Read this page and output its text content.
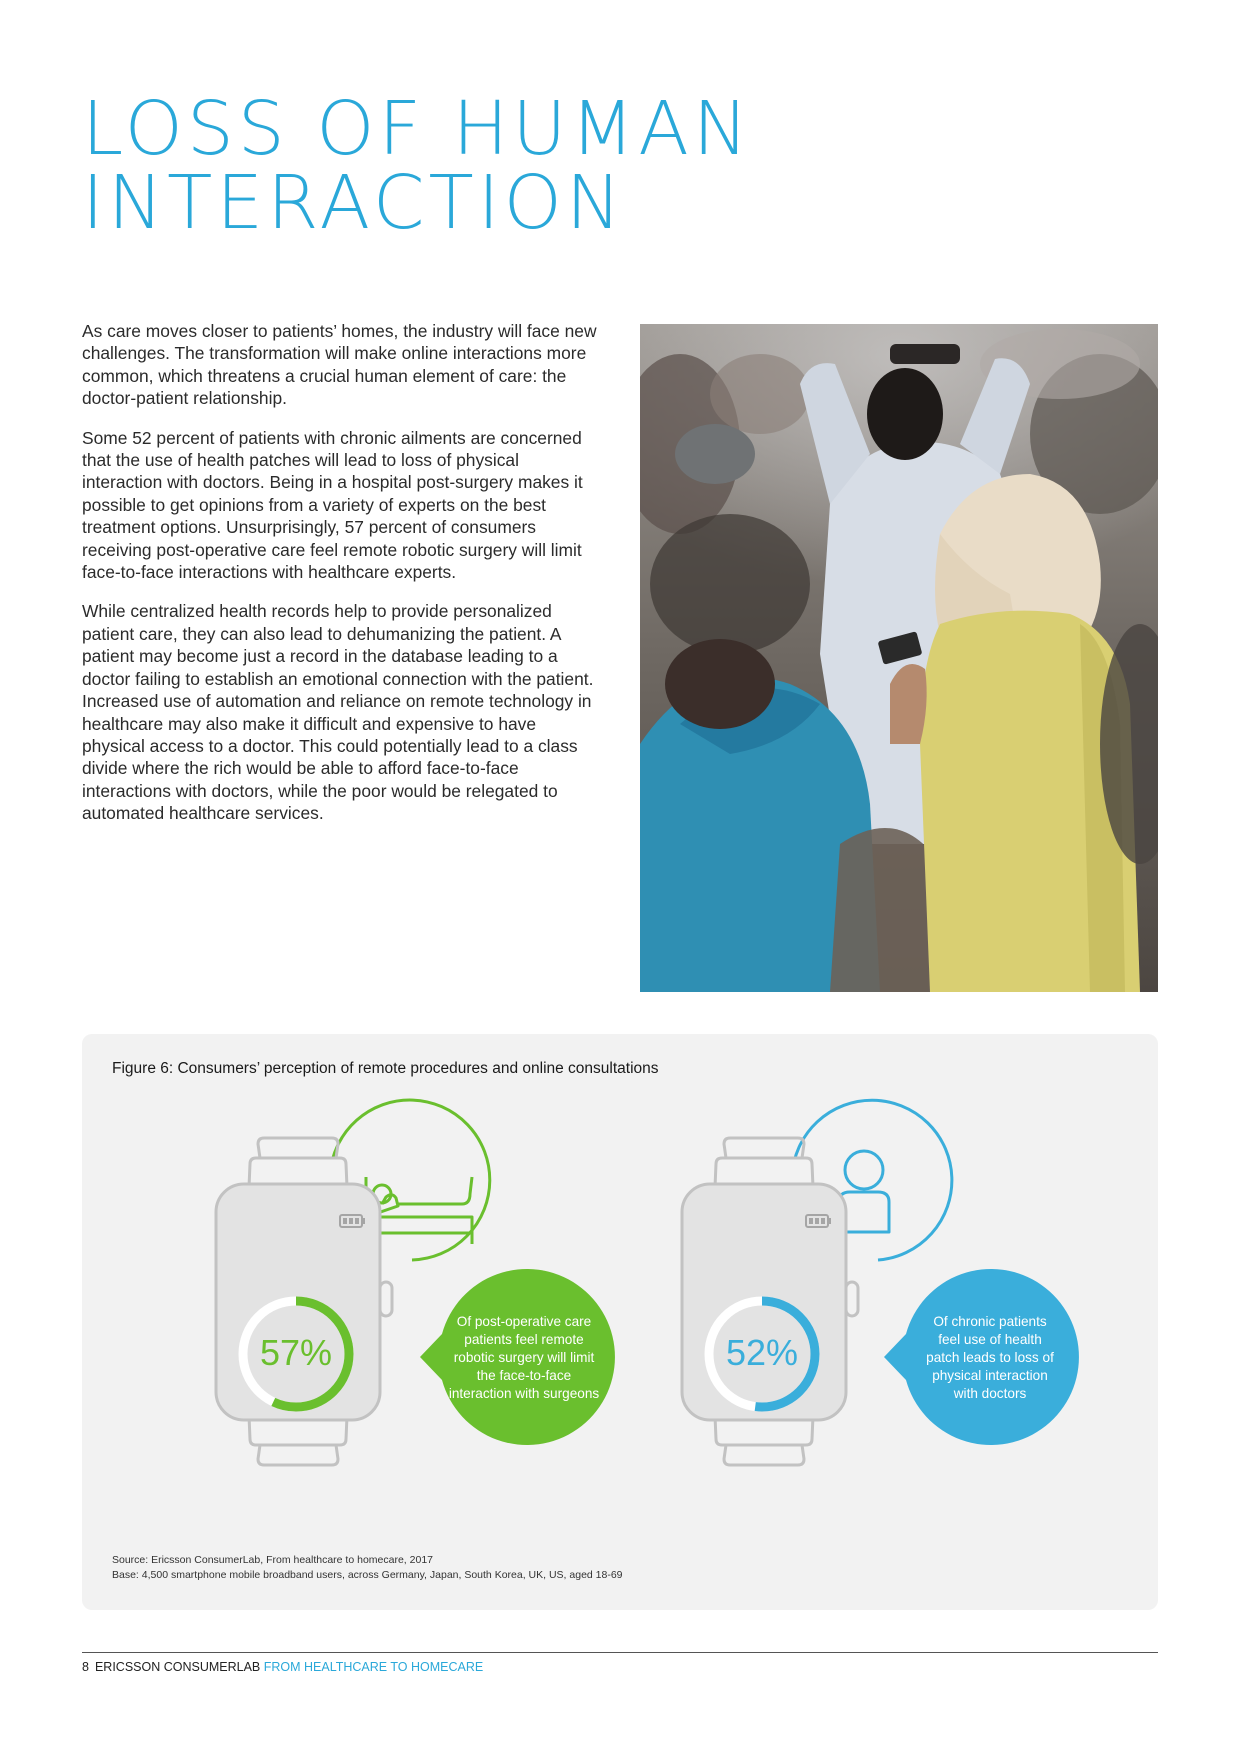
LOSS OF HUMAN
INTERACTION

As care moves closer to patients’ homes, the industry will face new challenges. The transformation will make online interactions more common, which threatens a crucial human element of care: the doctor-patient relationship.

Some 52 percent of patients with chronic ailments are concerned that the use of health patches will lead to loss of physical interaction with doctors. Being in a hospital post-surgery makes it possible to get opinions from a variety of experts on the best treatment options. Unsurprisingly, 57 percent of consumers receiving post-operative care feel remote robotic surgery will limit face-to-face interactions with healthcare experts.

While centralized health records help to provide personalized patient care, they can also lead to dehumanizing the patient. A patient may become just a record in the database leading to a doctor failing to establish an emotional connection with the patient. Increased use of automation and reliance on remote technology in healthcare may also make it difficult and expensive to have physical access to a doctor. This could potentially lead to a class divide where the rich would be able to afford face-to-face interactions with doctors, while the poor would be relegated to automated healthcare services.

Figure 6: Consumers’ perception of remote procedures and online consultations
57%	52%
Of post-operative care patients feel remote robotic surgery will limit the face-to-face interaction with surgeons
Of chronic patients feel use of health patch leads to loss of physical interaction with doctors
Source: Ericsson ConsumerLab, From healthcare to homecare, 2017
Base: 4,500 smartphone mobile broadband users, across Germany, Japan, South Korea, UK, US, aged 18-69
8 ERICSSON CONSUMERLAB FROM HEALTHCARE TO HOMECARE
